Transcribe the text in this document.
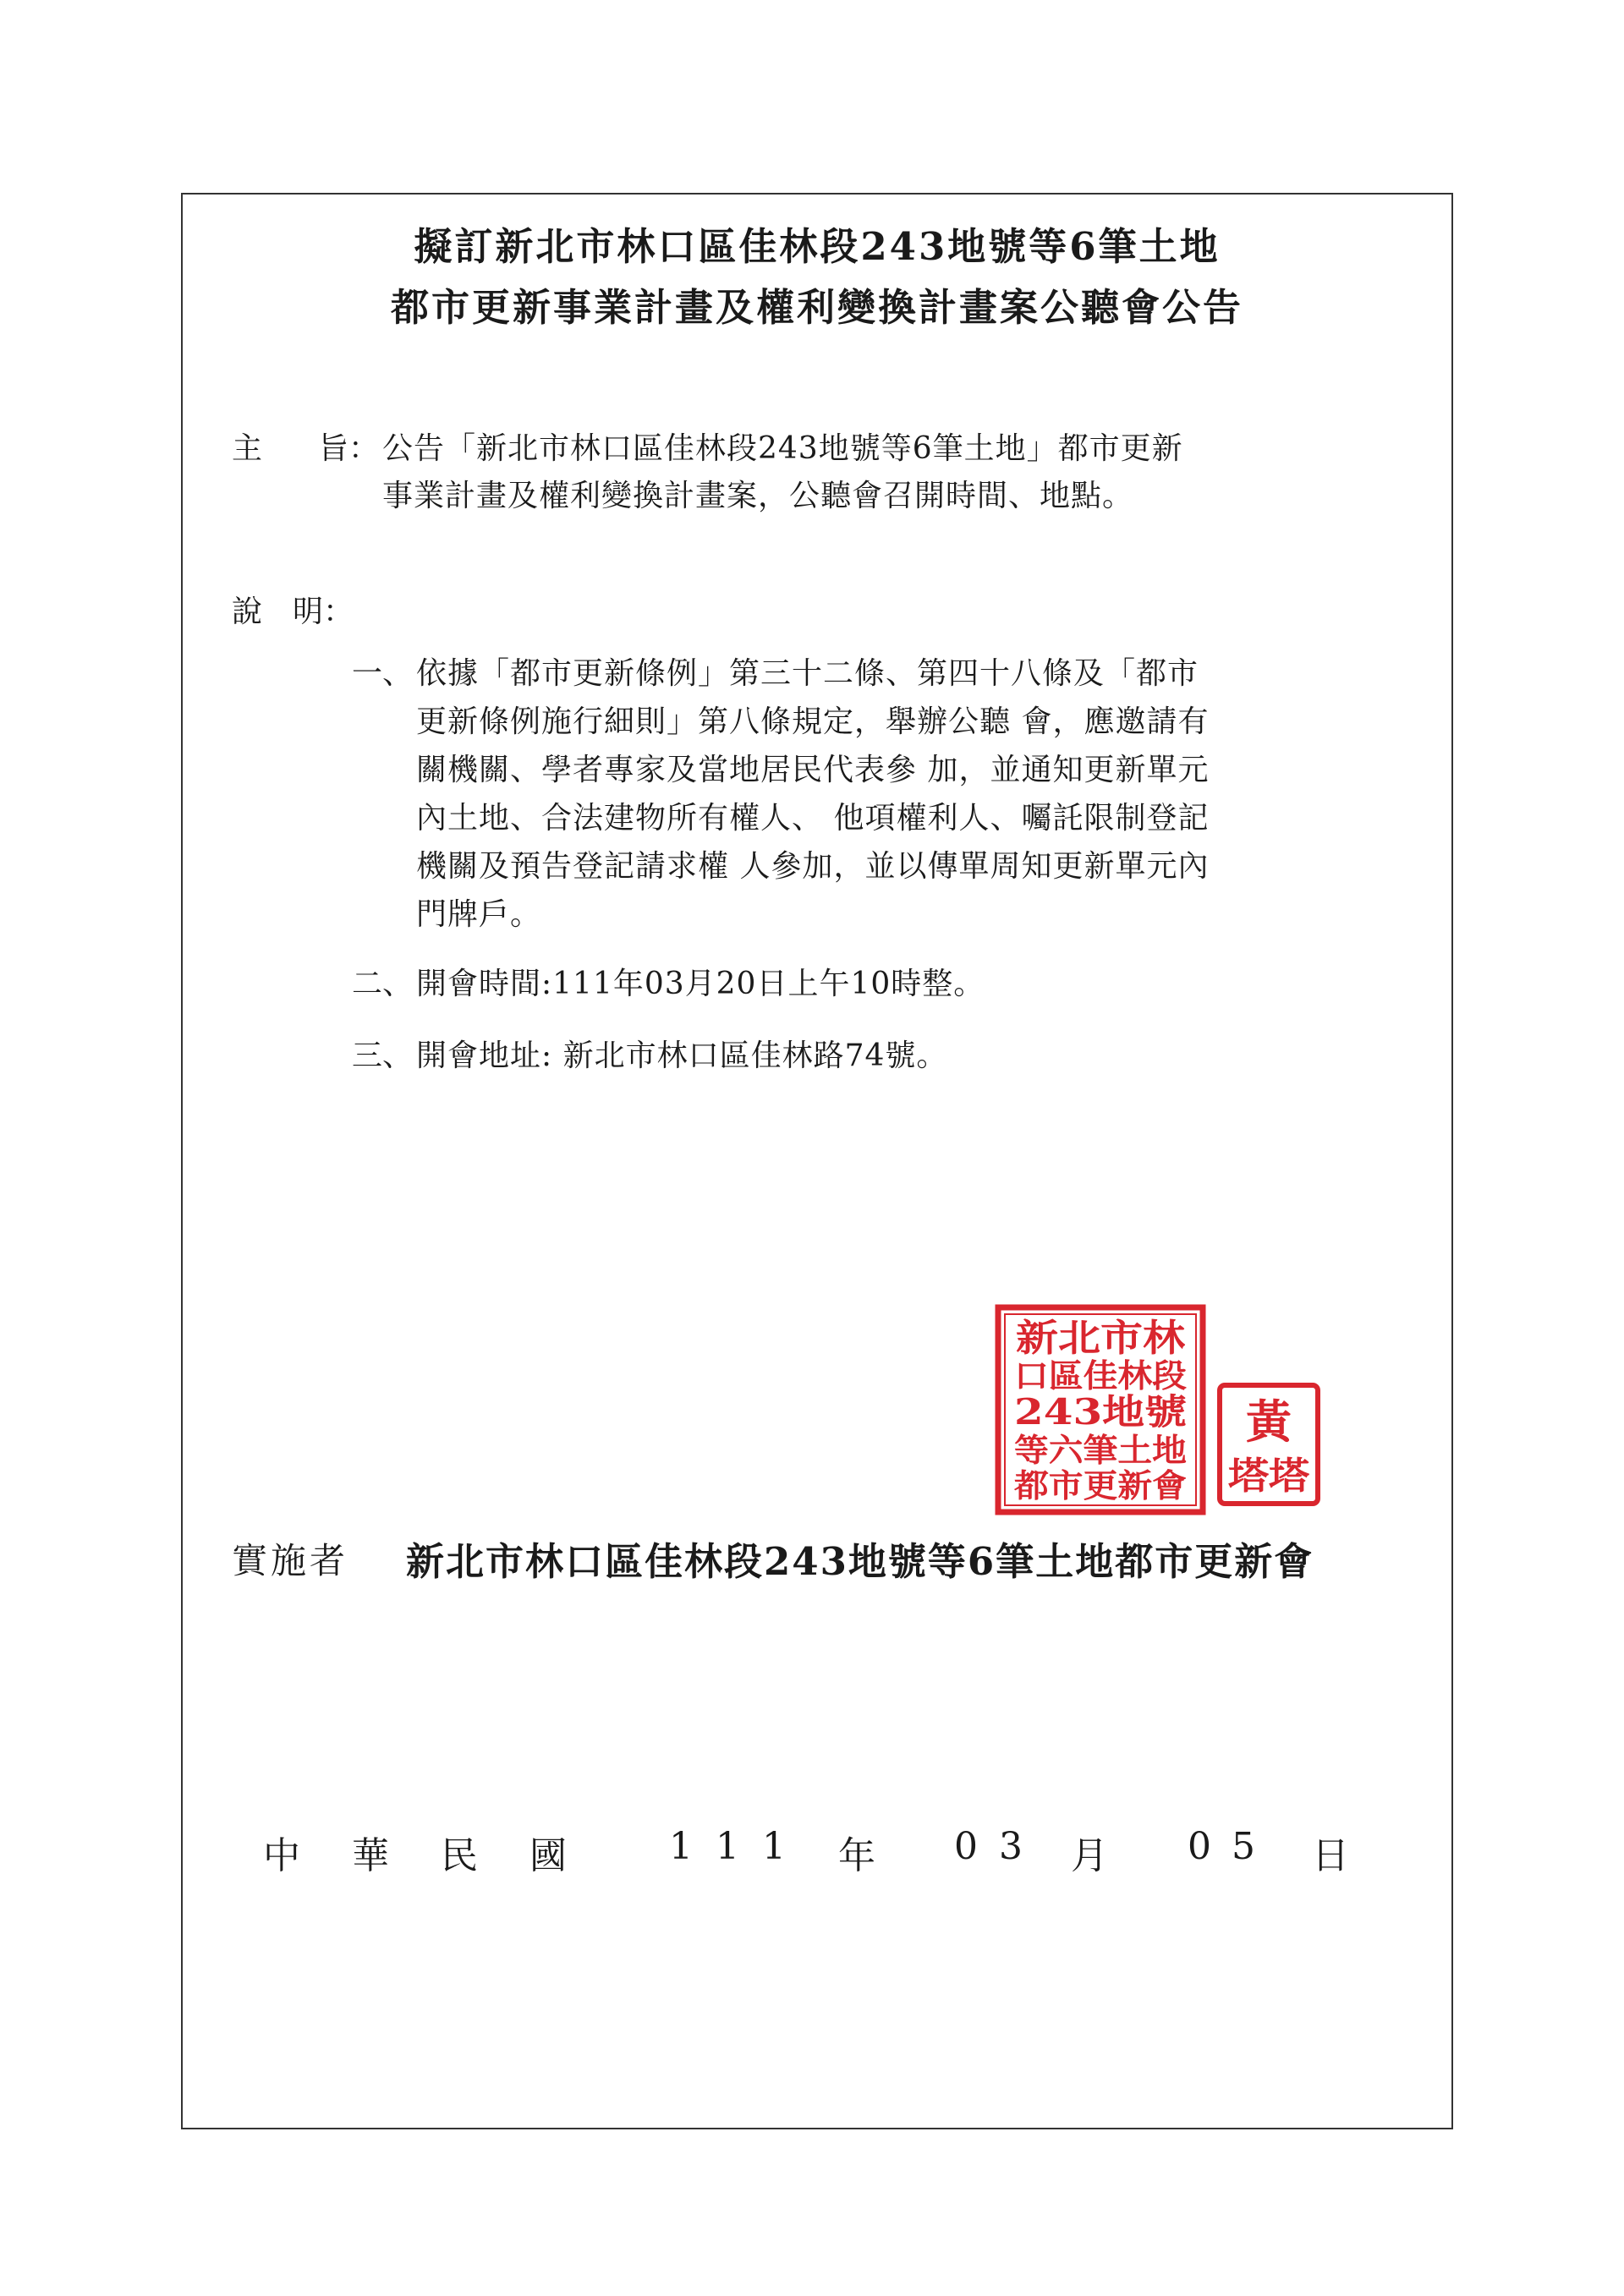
擬訂新北市林口區佳林段243地號等6筆土地
都市更新事業計畫及權利變換計畫案公聽會公告
主 旨： 公告「新北市林口區佳林段243地號等6筆土地」都市更新
事業計畫及權利變換計畫案，公聽會召開時間、地點。
說　明：
一、 依據「都市更新條例」第三十二條、第四十八條及「都市
更新條例施行細則」第八條規定，舉辦公聽 會，應邀請有
關機關、學者專家及當地居民代表參 加，並通知更新單元
內土地、合法建物所有權人、 他項權利人、囑託限制登記
機關及預告登記請求權 人參加，並以傳單周知更新單元內
門牌戶。
二、 開會時間:111年03月20日上午10時整。
三、 開會地址: 新北市林口區佳林路74號。
新北市林
口區佳林段
243地號
等六筆土地
都市更新會
黃
塔塔
實施者 新北市林口區佳林段243地號等6筆土地都市更新會
中 華 民 國	1 1 1 年 0 3 月 0 5 日
